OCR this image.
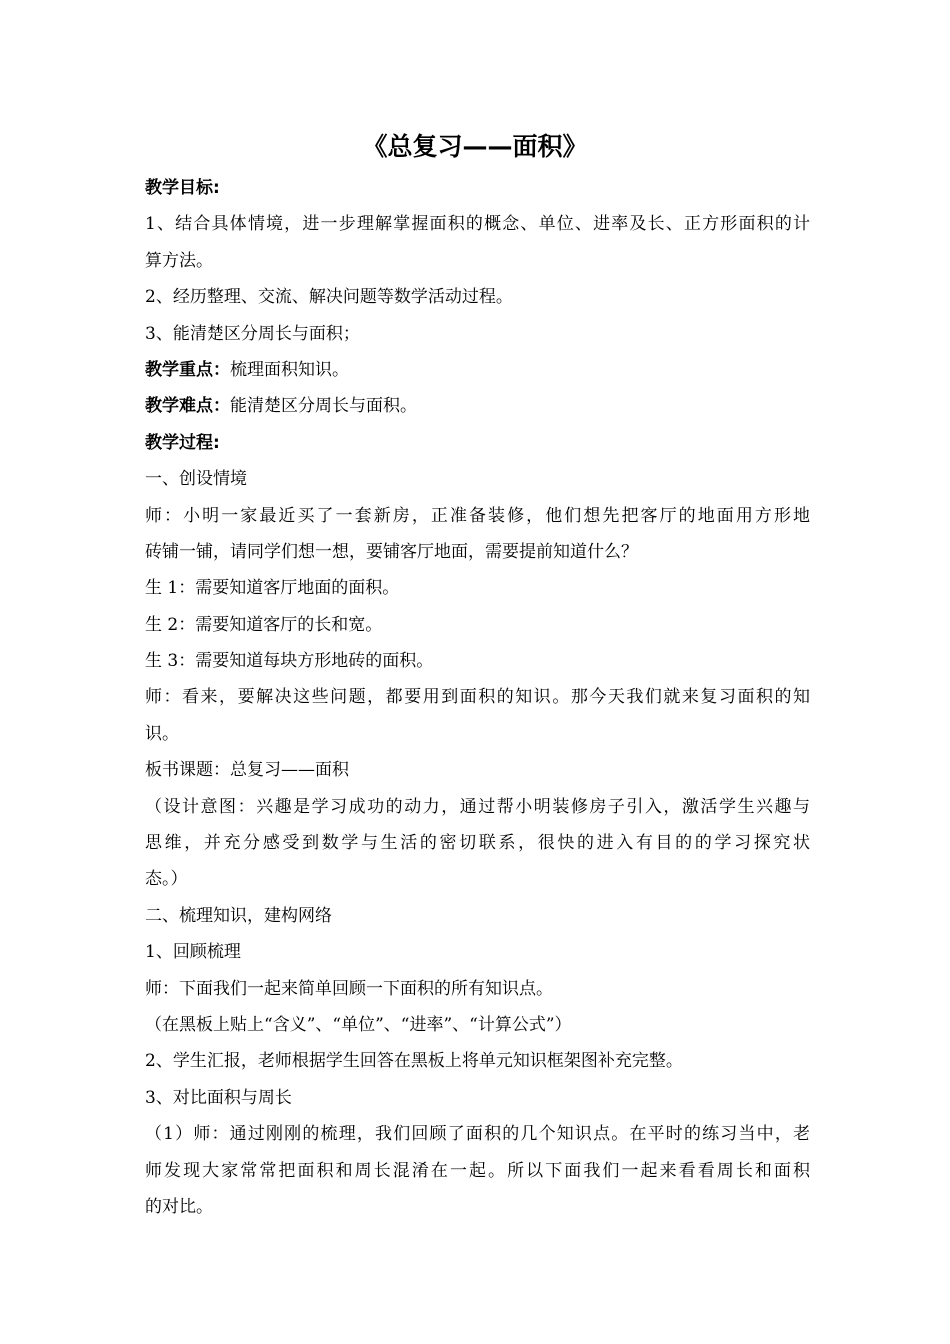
《总复习——面积》
教学目标:
1、结合具体情境，进一步理解掌握面积的概念、单位、进率及长、正方形面积的计
算方法。
2、经历整理、交流、解决问题等数学活动过程。
3、能清楚区分周长与面积；
教学重点：梳理面积知识。
教学难点：能清楚区分周长与面积。
教学过程:
一、创设情境
师：小明一家最近买了一套新房，正准备装修，他们想先把客厅的地面用方形地
砖铺一铺，请同学们想一想，要铺客厅地面，需要提前知道什么？
生 1：需要知道客厅地面的面积。
生 2：需要知道客厅的长和宽。
生 3：需要知道每块方形地砖的面积。
师：看来，要解决这些问题，都要用到面积的知识。那今天我们就来复习面积的知
识。
板书课题：总复习——面积
（设计意图：兴趣是学习成功的动力，通过帮小明装修房子引入，激活学生兴趣与
思维，并充分感受到数学与生活的密切联系，很快的进入有目的的学习探究状
态。）
二、梳理知识，建构网络
1、回顾梳理
师：下面我们一起来简单回顾一下面积的所有知识点。
（在黑板上贴上“含义”、“单位”、“进率”、“计算公式”）
2、学生汇报，老师根据学生回答在黑板上将单元知识框架图补充完整。
3、对比面积与周长
（1）师：通过刚刚的梳理，我们回顾了面积的几个知识点。在平时的练习当中，老
师发现大家常常把面积和周长混淆在一起。所以下面我们一起来看看周长和面积
的对比。
